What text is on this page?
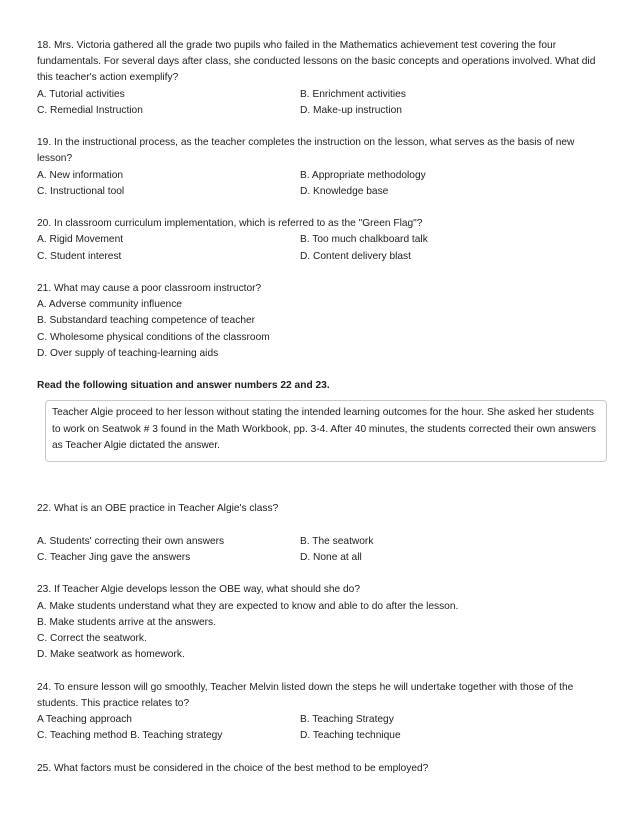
18. Mrs. Victoria gathered all the grade two pupils who failed in the Mathematics achievement test covering the four fundamentals. For several days after class, she conducted lessons on the basic concepts and operations involved. What did this teacher's action exemplify?

A. Tutorial activities	B. Enrichment activities
C. Remedial Instruction	D. Make-up instruction

19. In the instructional process, as the teacher completes the instruction on the lesson, what serves as the basis of new lesson?

A. New information	B. Appropriate methodology
C. Instructional tool	D. Knowledge base

20. In classroom curriculum implementation, which is referred to as the "Green Flag"?

A. Rigid Movement	B. Too much chalkboard talk
C. Student interest	D. Content delivery blast

21. What may cause a poor classroom instructor?

A. Adverse community influence

B. Substandard teaching competence of teacher

C. Wholesome physical conditions of the classroom

D. Over supply of teaching-learning aids

Read the following situation and answer numbers 22 and 23.

Teacher Algie proceed to her lesson without stating the intended learning outcomes for the hour. She asked her students to work on Seatwok # 3 found in the Math Workbook, pp. 3-4. After 40 minutes, the students corrected their own answers as Teacher Algie dictated the answer.

22. What is an OBE practice in Teacher Algie's class?

A. Students' correcting their own answers	B. The seatwork
C. Teacher Jing gave the answers	D. None at all

23. If Teacher Algie develops lesson the OBE way, what should she do?

A. Make students understand what they are expected to know and able to do after the lesson.

B. Make students arrive at the answers.

C. Correct the seatwork.

D. Make seatwork as homework.

24. To ensure lesson will go smoothly, Teacher Melvin listed down the steps he will undertake together with those of the students. This practice relates to?

A Teaching approach	B. Teaching Strategy
C. Teaching method B. Teaching strategy	D. Teaching technique

25. What factors must be considered in the choice of the best method to be employed?
